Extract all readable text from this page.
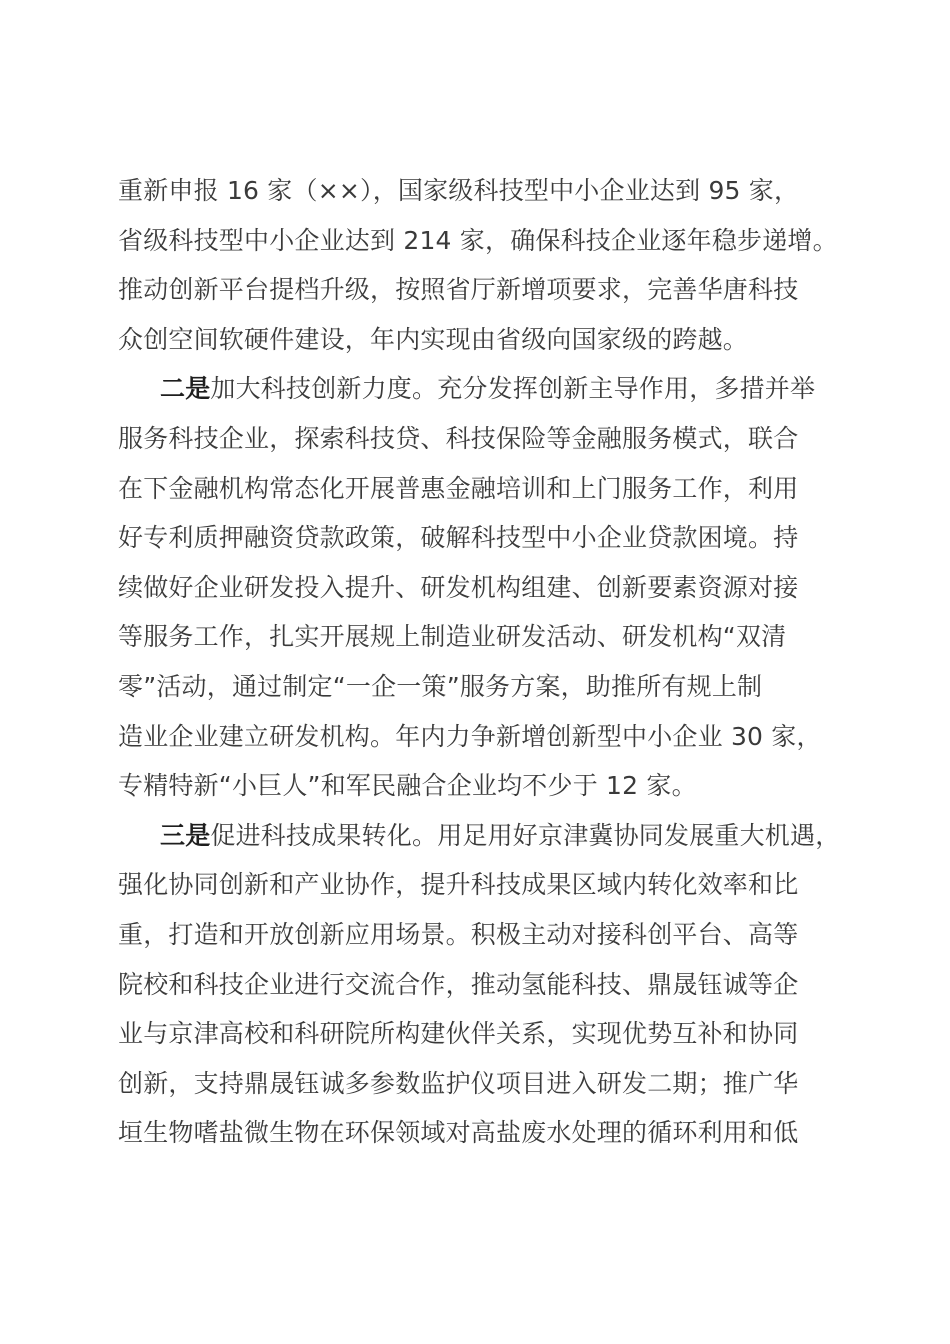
重新申报 16 家（××），国家级科技型中小企业达到 95 家，
省级科技型中小企业达到 214 家，确保科技企业逐年稳步递增。
推动创新平台提档升级，按照省厅新增项要求，完善华唐科技
众创空间软硬件建设，年内实现由省级向国家级的跨越。
二是加大科技创新力度。充分发挥创新主导作用，多措并举
服务科技企业，探索科技贷、科技保险等金融服务模式，联合
在下金融机构常态化开展普惠金融培训和上门服务工作，利用
好专利质押融资贷款政策，破解科技型中小企业贷款困境。持
续做好企业研发投入提升、研发机构组建、创新要素资源对接
等服务工作，扎实开展规上制造业研发活动、研发机构“双清
零”活动，通过制定“一企一策”服务方案，助推所有规上制
造业企业建立研发机构。年内力争新增创新型中小企业 30 家，
专精特新“小巨人”和军民融合企业均不少于 12 家。
三是促进科技成果转化。用足用好京津冀协同发展重大机遇，
强化协同创新和产业协作，提升科技成果区域内转化效率和比
重，打造和开放创新应用场景。积极主动对接科创平台、高等
院校和科技企业进行交流合作，推动氢能科技、鼎晟钰诚等企
业与京津高校和科研院所构建伙伴关系，实现优势互补和协同
创新，支持鼎晟钰诚多参数监护仪项目进入研发二期；推广华
垣生物嗜盐微生物在环保领域对高盐废水处理的循环利用和低
